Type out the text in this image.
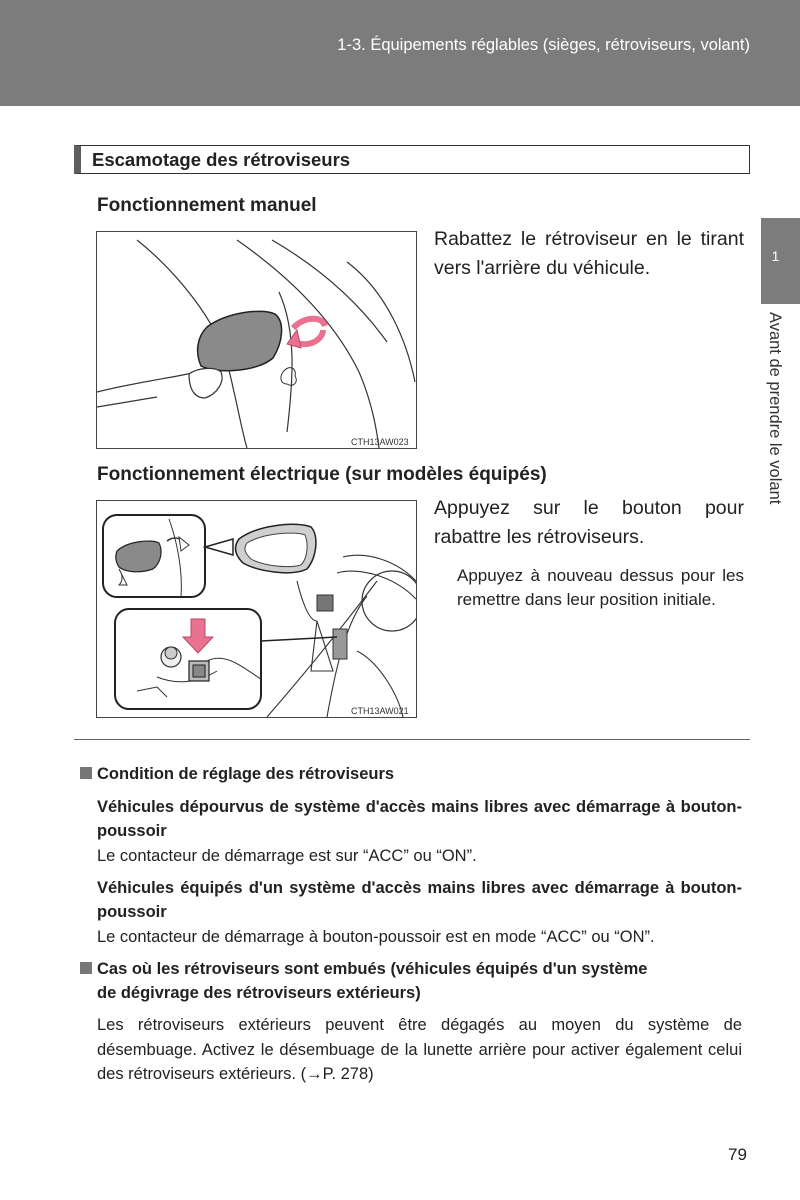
1-3. Équipements réglables (sièges, rétroviseurs, volant)
1
Avant de prendre le volant
Escamotage des rétroviseurs
Fonctionnement manuel
CTH13AW023
Rabattez le rétroviseur en le tirant vers l'arrière du véhicule.
Fonctionnement électrique (sur modèles équipés)
CTH13AW021
Appuyez sur le bouton pour rabattre les rétroviseurs.
Appuyez à nouveau dessus pour les remettre dans leur position initiale.
Condition de réglage des rétroviseurs
Véhicules dépourvus de système d'accès mains libres avec démarrage à bouton-poussoir
Le contacteur de démarrage est sur “ACC” ou “ON”.
Véhicules équipés d'un système d'accès mains libres avec démarrage à bouton-poussoir
Le contacteur de démarrage à bouton-poussoir est en mode “ACC” ou “ON”.
Cas où les rétroviseurs sont embués (véhicules équipés d'un système
de dégivrage des rétroviseurs extérieurs)
Les rétroviseurs extérieurs peuvent être dégagés au moyen du système de désembuage. Activez le désembuage de la lunette arrière pour activer également celui des rétroviseurs extérieurs. (→P. 278)
79
